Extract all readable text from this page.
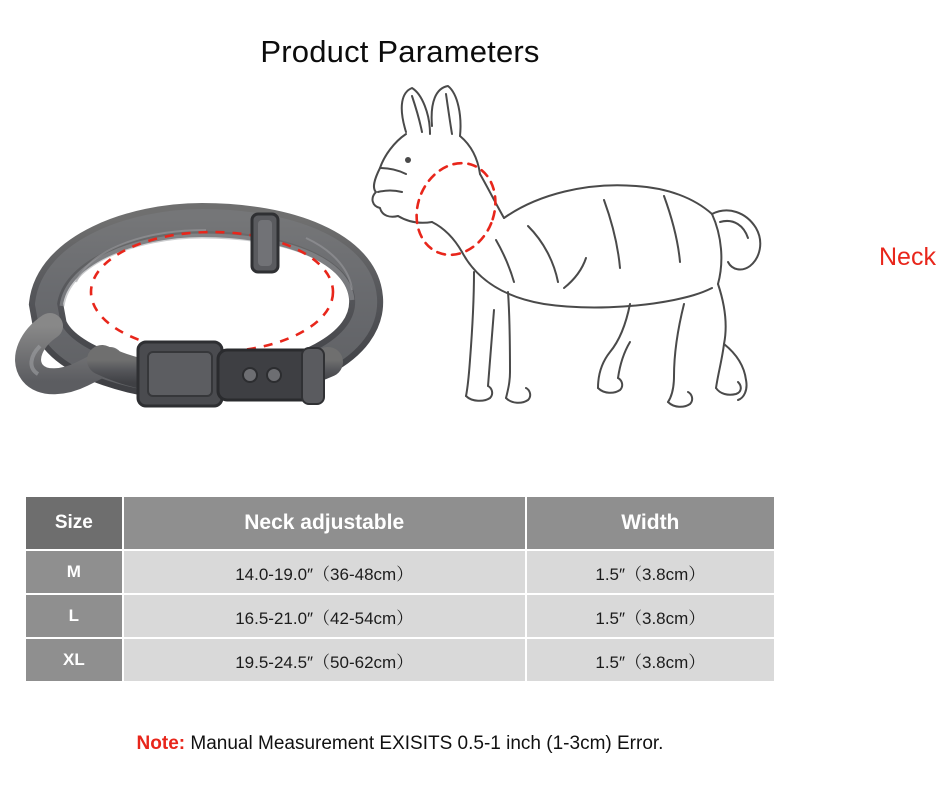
Product Parameters
Neck
Size	Neck adjustable	Width
M	14.0-19.0″（36-48cm）	1.5″（3.8cm）
L	16.5-21.0″（42-54cm）	1.5″（3.8cm）
XL	19.5-24.5″（50-62cm）	1.5″（3.8cm）
Note: Manual Measurement EXISITS 0.5-1 inch (1-3cm) Error.
